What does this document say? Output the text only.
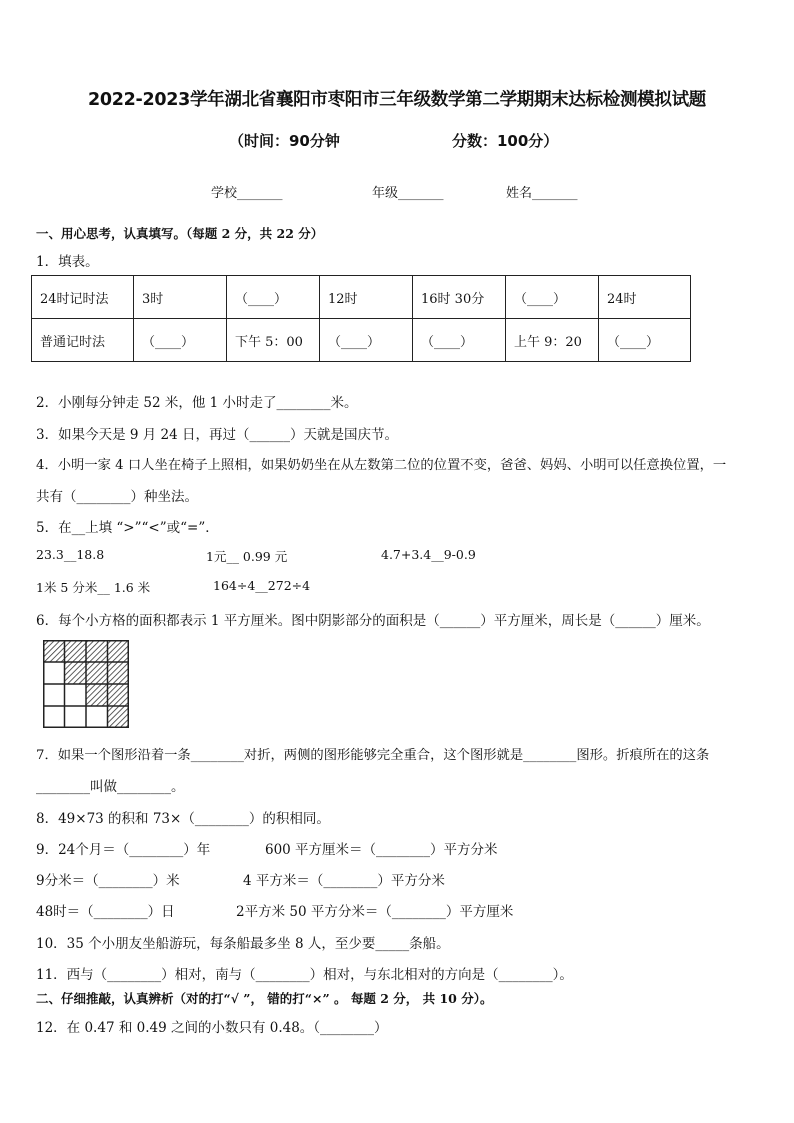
2022-2023学年湖北省襄阳市枣阳市三年级数学第二学期期末达标检测模拟试题
（时间：90分钟	分数：100分）
学校_______	年级_______	姓名_______
一、用心思考，认真填写。（每题 2 分，共 22 分）
1．填表。
24时记时法	3时	（____）	12时	16时 30分	（____）	24时
普通记时法	（____）	下午 5：00	（____）	（____）	上午 9：20	（____）
2．小刚每分钟走 52 米，他 1 小时走了________米。
3．如果今天是 9 月 24 日，再过（______）天就是国庆节。
4．小明一家 4 口人坐在椅子上照相，如果奶奶坐在从左数第二位的位置不变，爸爸、妈妈、小明可以任意换位置，一
共有（________）种坐法。
5．在__上填 “>”“<”或“=”．
23.3__18.8	1元__ 0.99 元	4.7+3.4__9-0.9
1米 5 分米__ 1.6 米	164÷4__272÷4
6．每个小方格的面积都表示 1 平方厘米。图中阴影部分的面积是（______）平方厘米，周长是（______）厘米。
7．如果一个图形沿着一条________对折，两侧的图形能够完全重合，这个图形就是________图形。折痕所在的这条
________叫做________。
8．49×73 的积和 73×（________）的积相同。
9．24个月＝（________）年	600 平方厘米＝（________）平方分米
9分米＝（________）米	4 平方米＝（________）平方分米
48时＝（________）日	2平方米 50 平方分米＝（________）平方厘米
10．35 个小朋友坐船游玩，每条船最多坐 8 人，至少要_____条船。
11．西与（________）相对，南与（________）相对，与东北相对的方向是（________）。
二、仔细推敲，认真辨析（对的打“√ ”， 错的打“×” 。 每题 2 分， 共 10 分）。
12．在 0.47 和 0.49 之间的小数只有 0.48。（________）
